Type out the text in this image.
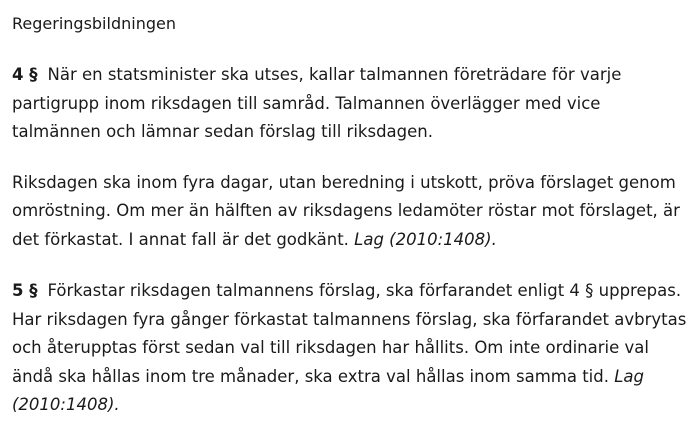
Regeringsbildningen

4 § När en statsminister ska utses, kallar talmannen företrädare för varje partigrupp inom riksdagen till samråd. Talmannen överlägger med vice talmännen och lämnar sedan förslag till riksdagen.

Riksdagen ska inom fyra dagar, utan beredning i utskott, pröva förslaget genom omröstning. Om mer än hälften av riksdagens ledamöter röstar mot förslaget, är det förkastat. I annat fall är det godkänt. Lag (2010:1408).

5 § Förkastar riksdagen talmannens förslag, ska förfarandet enligt 4 § upprepas. Har riksdagen fyra gånger förkastat talmannens förslag, ska förfarandet avbrytas och återupptas först sedan val till riksdagen har hållits. Om inte ordinarie val ändå ska hållas inom tre månader, ska extra val hållas inom samma tid. Lag (2010:1408).
